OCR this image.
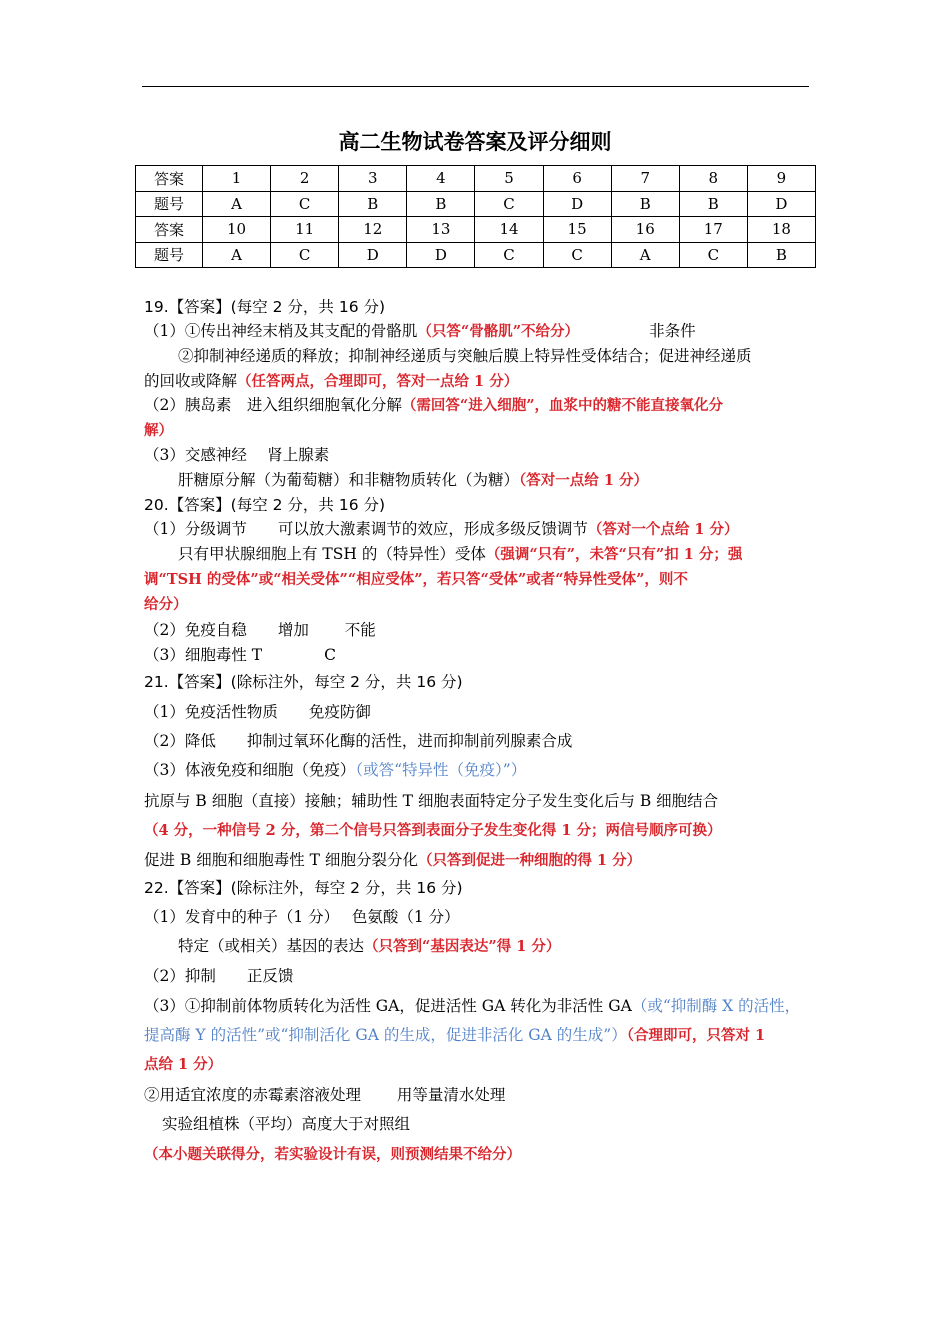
高二生物试卷答案及评分细则
答案	1	2	3	4	5	6	7	8	9
题号	A	C	B	B	C	D	B	B	D
答案	10	11	12	13	14	15	16	17	18
题号	A	C	D	D	C	C	A	C	B
19.【答案】(每空 2 分，共 16 分)
（1）①传出神经末梢及其支配的骨骼肌（只答“骨骼肌”不给分）	非条件
②抑制神经递质的释放；抑制神经递质与突触后膜上特异性受体结合；促进神经递质
的回收或降解（任答两点，合理即可，答对一点给 1 分）
（2）胰岛素　进入组织细胞氧化分解（需回答“进入细胞”，血浆中的糖不能直接氧化分
解）
（3）交感神经　 肾上腺素
肝糖原分解（为葡萄糖）和非糖物质转化（为糖）（答对一点给 1 分）
20.【答案】(每空 2 分，共 16 分)
（1）分级调节　　可以放大激素调节的效应，形成多级反馈调节（答对一个点给 1 分）
只有甲状腺细胞上有 TSH 的（特异性）受体（强调“只有”，未答“只有”扣 1 分；强
调“TSH 的受体”或“相关受体”“相应受体”，若只答“受体”或者“特异性受体”，则不
给分）
（2）免疫自稳　　增加　　 不能
（3）细胞毒性 T　　　　C
21.【答案】(除标注外，每空 2 分，共 16 分)
（1）免疫活性物质　　免疫防御
（2）降低　　抑制过氧环化酶的活性，进而抑制前列腺素合成
（3）体液免疫和细胞（免疫）（或答“特异性（免疫）”）
抗原与 B 细胞（直接）接触；辅助性 T 细胞表面特定分子发生变化后与 B 细胞结合
（4 分，一种信号 2 分，第二个信号只答到表面分子发生变化得 1 分；两信号顺序可换）
促进 B 细胞和细胞毒性 T 细胞分裂分化（只答到促进一种细胞的得 1 分）
22.【答案】(除标注外，每空 2 分，共 16 分)
（1）发育中的种子（1 分）　 色氨酸（1 分）
特定（或相关）基因的表达（只答到“基因表达”得 1 分）
（2）抑制　　正反馈
（3）①抑制前体物质转化为活性 GA，促进活性 GA 转化为非活性 GA（或“抑制酶 X 的活性，
提高酶 Y 的活性”或“抑制活化 GA 的生成，促进非活化 GA 的生成”）（合理即可，只答对 1
点给 1 分）
②用适宜浓度的赤霉素溶液处理　　 用等量清水处理
实验组植株（平均）高度大于对照组
（本小题关联得分，若实验设计有误，则预测结果不给分）
